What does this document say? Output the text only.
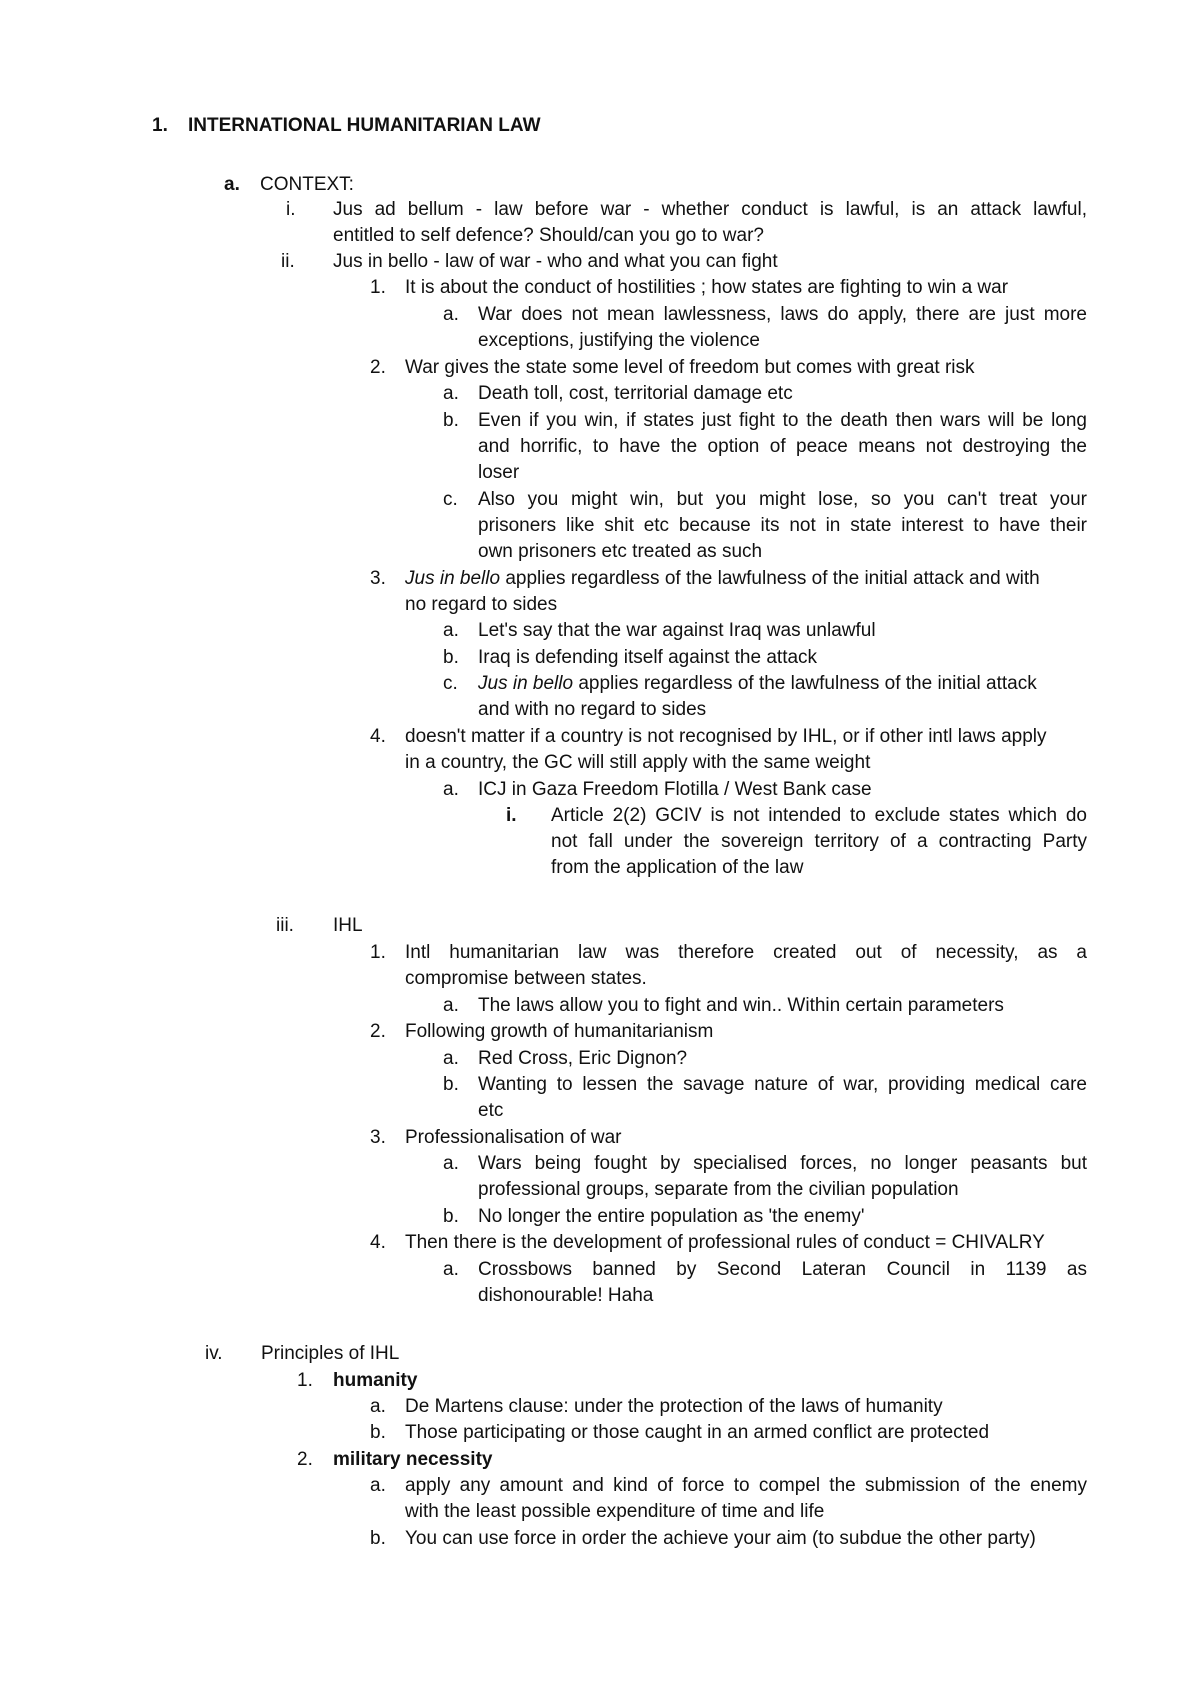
1. INTERNATIONAL HUMANITARIAN LAW
a. CONTEXT:
i. Jus ad bellum - law before war - whether conduct is lawful, is an attack lawful,
entitled to self defence? Should/can you go to war?
ii. Jus in bello - law of war - who and what you can fight
1. It is about the conduct of hostilities ; how states are fighting to win a war
a. War does not mean lawlessness, laws do apply, there are just more
exceptions, justifying the violence
2. War gives the state some level of freedom but comes with great risk
a. Death toll, cost, territorial damage etc
b. Even if you win, if states just fight to the death then wars will be long
and horrific, to have the option of peace means not destroying the
loser
c. Also you might win, but you might lose, so you can't treat your
prisoners like shit etc because its not in state interest to have their
own prisoners etc treated as such
3. Jus in bello applies regardless of the lawfulness of the initial attack and with
no regard to sides
a. Let's say that the war against Iraq was unlawful
b. Iraq is defending itself against the attack
c. Jus in bello applies regardless of the lawfulness of the initial attack
and with no regard to sides
4. doesn't matter if a country is not recognised by IHL, or if other intl laws apply
in a country, the GC will still apply with the same weight
a. ICJ in Gaza Freedom Flotilla / West Bank case
i. Article 2(2) GCIV is not intended to exclude states which do
not fall under the sovereign territory of a contracting Party
from the application of the law
iii. IHL
1. Intl humanitarian law was therefore created out of necessity, as a
compromise between states.
a. The laws allow you to fight and win.. Within certain parameters
2. Following growth of humanitarianism
a. Red Cross, Eric Dignon?
b. Wanting to lessen the savage nature of war, providing medical care
etc
3. Professionalisation of war
a. Wars being fought by specialised forces, no longer peasants but
professional groups, separate from the civilian population
b. No longer the entire population as 'the enemy'
4. Then there is the development of professional rules of conduct = CHIVALRY
a. Crossbows banned by Second Lateran Council in 1139 as
dishonourable! Haha
iv. Principles of IHL
1. humanity
a. De Martens clause: under the protection of the laws of humanity
b. Those participating or those caught in an armed conflict are protected
2. military necessity
a. apply any amount and kind of force to compel the submission of the enemy
with the least possible expenditure of time and life
b. You can use force in order the achieve your aim (to subdue the other party)
